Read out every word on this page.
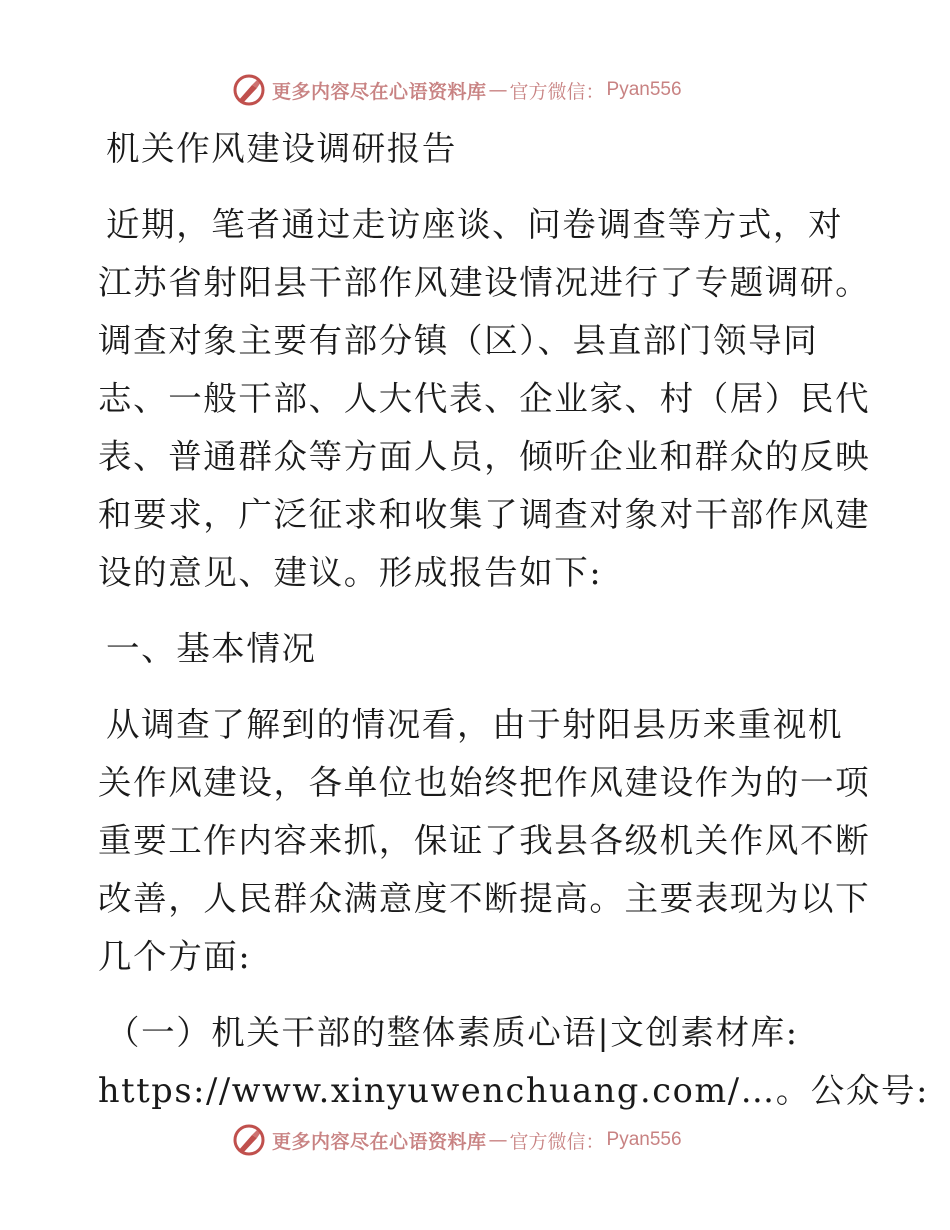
更多内容尽在心语资料库 — 官方微信： Pyan556
机关作风建设调研报告
近期，笔者通过走访座谈、问卷调查等方式，对
江苏省射阳县干部作风建设情况进行了专题调研。
调查对象主要有部分镇（区）、县直部门领导同
志、一般干部、人大代表、企业家、村（居）民代
表、普通群众等方面人员，倾听企业和群众的反映
和要求，广泛征求和收集了调查对象对干部作风建
设的意见、建议。形成报告如下:
一、基本情况
从调查了解到的情况看，由于射阳县历来重视机
关作风建设，各单位也始终把作风建设作为的一项
重要工作内容来抓，保证了我县各级机关作风不断
改善，人民群众满意度不断提高。主要表现为以下
几个方面:
（一）机关干部的整体素质心语|文创素材库:
https://www.xinyuwenchuang.com/…。公众号:
更多内容尽在心语资料库 — 官方微信： Pyan556
